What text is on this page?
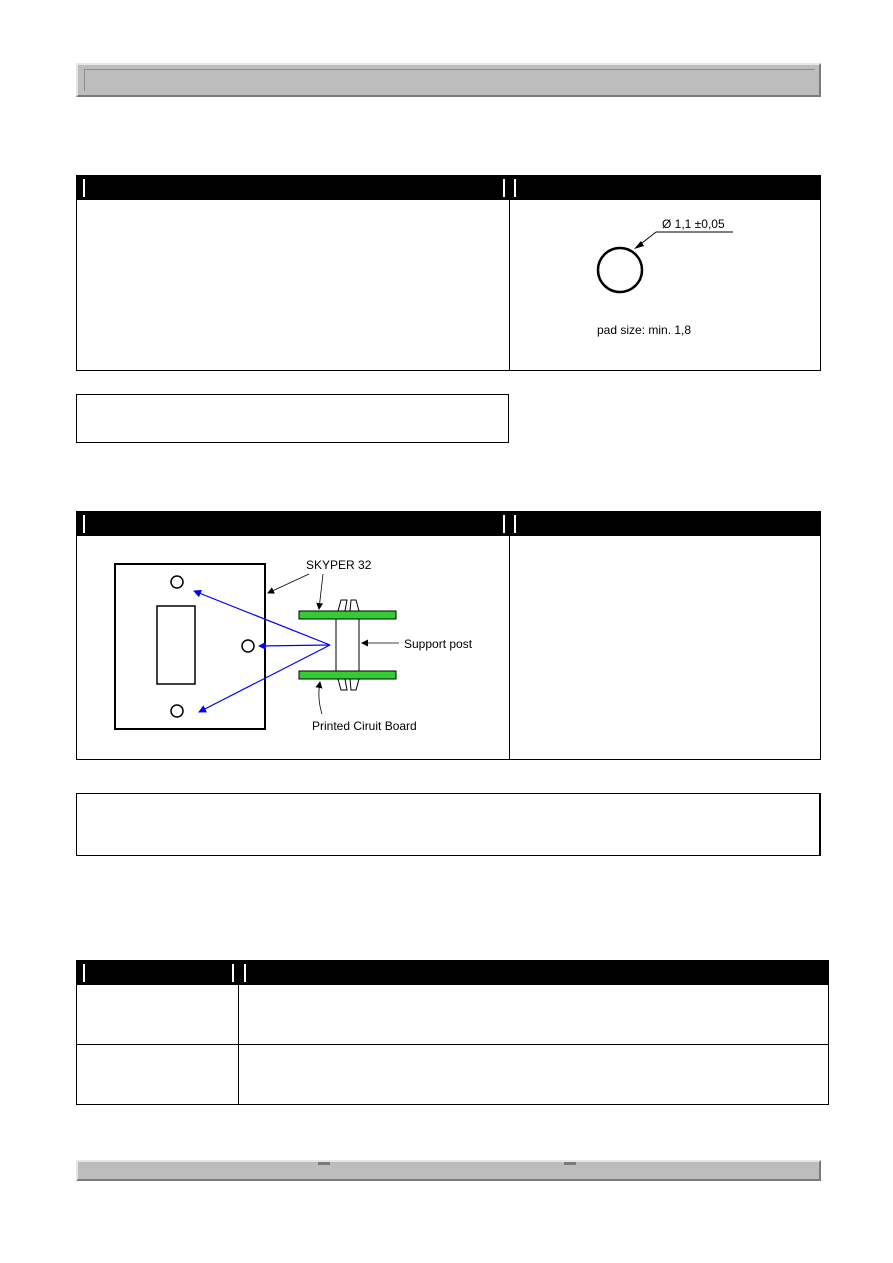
Ø 1,1 ±0,05
pad size: min. 1,8
SKYPER 32
Support post
Printed Ciruit Board
